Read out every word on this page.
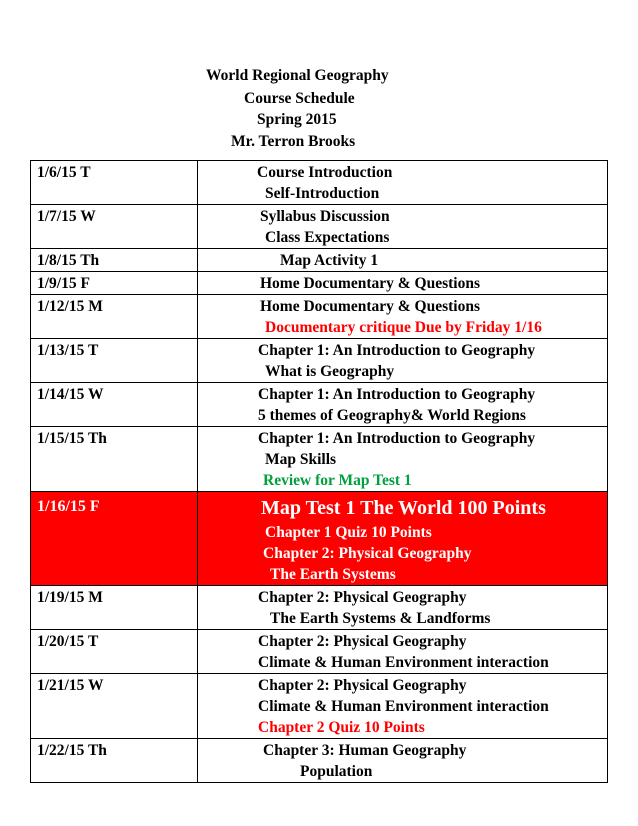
World Regional Geography
Course Schedule
Spring 2015
Mr. Terron Brooks
1/6/15 T	Course Introduction
Self-Introduction

1/7/15 W	Syllabus Discussion
Class Expectations

1/8/15 Th	Map Activity 1

1/9/15 F	Home Documentary & Questions

1/12/15 M	Home Documentary & Questions
Documentary critique Due by Friday 1/16

1/13/15 T	Chapter 1: An Introduction to Geography
What is Geography

1/14/15 W	Chapter 1: An Introduction to Geography
5 themes of Geography& World Regions

1/15/15 Th	Chapter 1: An Introduction to Geography
Map Skills
Review for Map Test 1

1/16/15 F	Map Test 1 The World 100 Points
Chapter 1 Quiz 10 Points
Chapter 2: Physical Geography
The Earth Systems

1/19/15 M	Chapter 2: Physical Geography
The Earth Systems & Landforms

1/20/15 T	Chapter 2: Physical Geography
Climate & Human Environment interaction

1/21/15 W	Chapter 2: Physical Geography
Climate & Human Environment interaction
Chapter 2 Quiz 10 Points

1/22/15 Th	Chapter 3: Human Geography
Population
